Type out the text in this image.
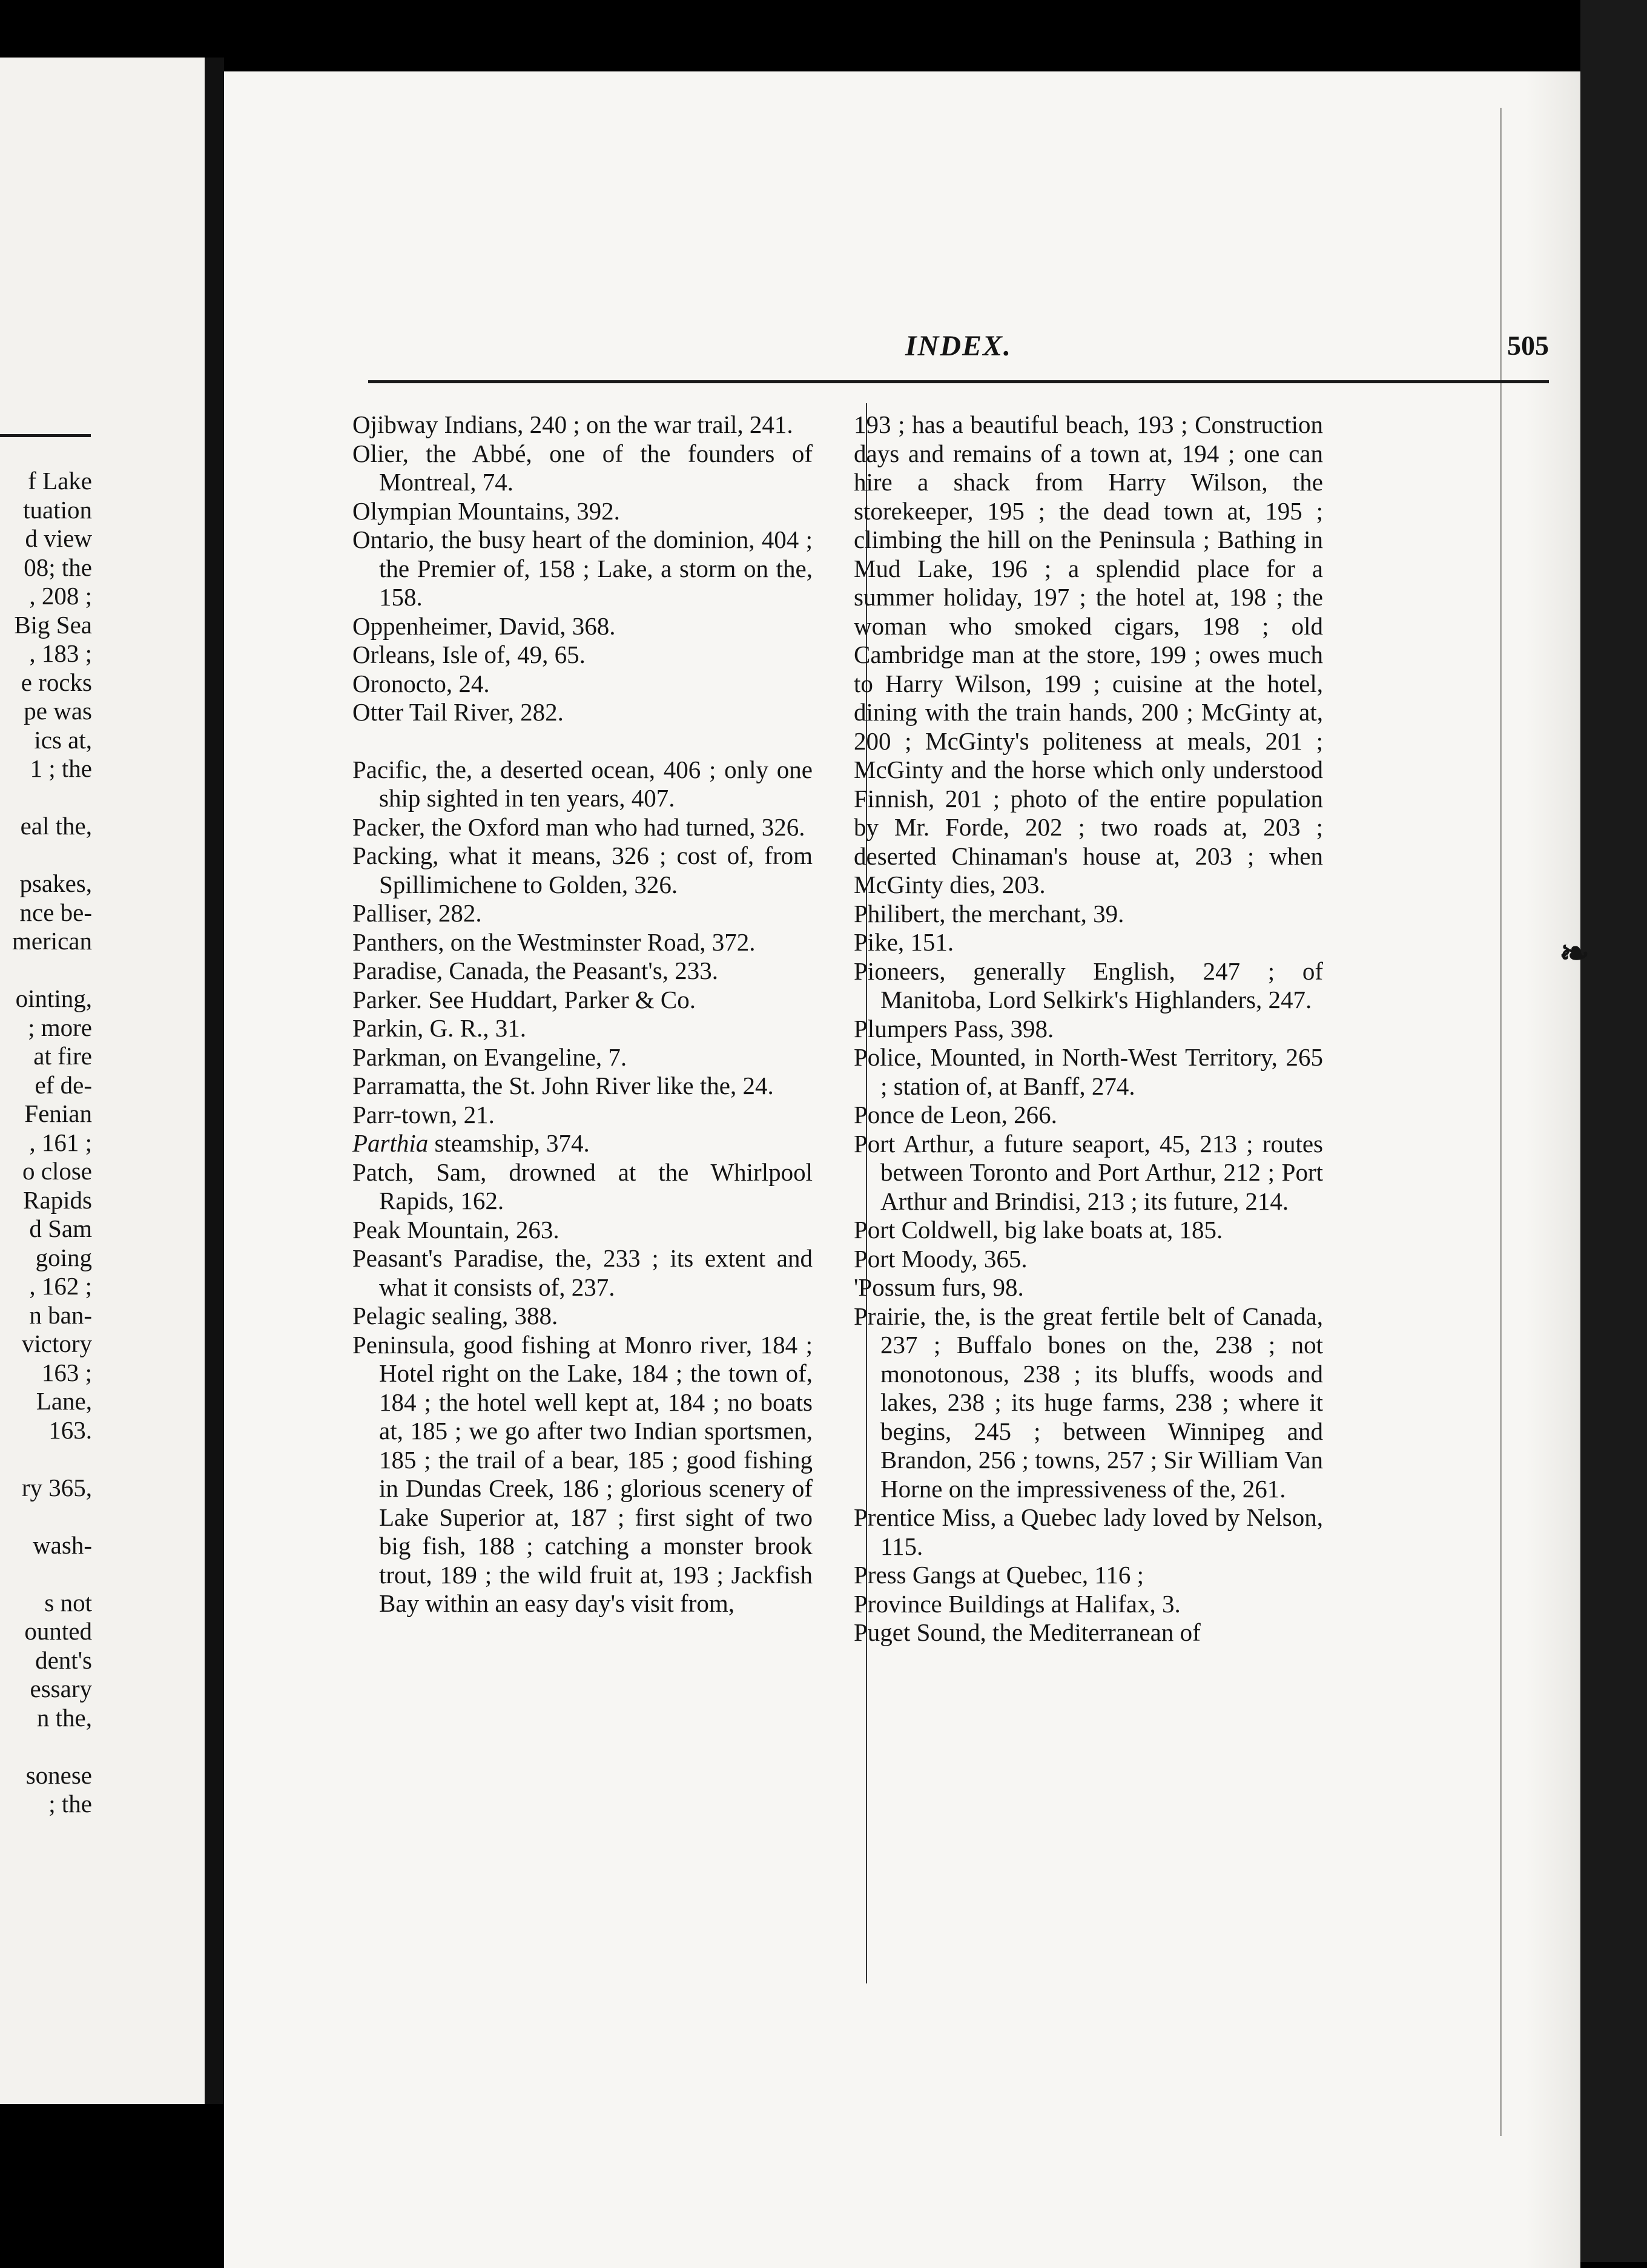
f Lake
tuation
d view
08; the
, 208 ;
Big Sea
, 183 ;
e rocks
pe was
ics at,
1 ; the

eal the,

psakes,
nce be-
merican

ointing,
; more
at fire
ef de-
Fenian
, 161 ;
o close
Rapids
d Sam
going
, 162 ;
n ban-
victory
163 ;
Lane,
163.

ry 365,

wash-

s not
ounted
dent's
essary
n the,

sonese
; the
INDEX.	505

Ojibway Indians, 240 ; on the war trail, 241.

Olier, the Abbé, one of the founders of Montreal, 74.

Olympian Mountains, 392.

Ontario, the busy heart of the dominion, 404 ; the Premier of, 158 ; Lake, a storm on the, 158.

Oppenheimer, David, 368.

Orleans, Isle of, 49, 65.

Oronocto, 24.

Otter Tail River, 282.

Pacific, the, a deserted ocean, 406 ; only one ship sighted in ten years, 407.

Packer, the Oxford man who had turned, 326.

Packing, what it means, 326 ; cost of, from Spillimichene to Golden, 326.

Palliser, 282.

Panthers, on the Westminster Road, 372.

Paradise, Canada, the Peasant's, 233.

Parker. See Huddart, Parker & Co.

Parkin, G. R., 31.

Parkman, on Evangeline, 7.

Parramatta, the St. John River like the, 24.

Parr-town, 21.

Parthia steamship, 374.

Patch, Sam, drowned at the Whirlpool Rapids, 162.

Peak Mountain, 263.

Peasant's Paradise, the, 233 ; its extent and what it consists of, 237.

Pelagic sealing, 388.

Peninsula, good fishing at Monro river, 184 ; Hotel right on the Lake, 184 ; the town of, 184 ; the hotel well kept at, 184 ; no boats at, 185 ; we go after two Indian sportsmen, 185 ; the trail of a bear, 185 ; good fishing in Dundas Creek, 186 ; glorious scenery of Lake Superior at, 187 ; first sight of two big fish, 188 ; catching a monster brook trout, 189 ; the wild fruit at, 193 ; Jackfish Bay within an easy day's visit from,

193 ; has a beautiful beach, 193 ; Construction days and remains of a town at, 194 ; one can hire a shack from Harry Wilson, the storekeeper, 195 ; the dead town at, 195 ; climbing the hill on the Peninsula ; Bathing in Mud Lake, 196 ; a splendid place for a summer holiday, 197 ; the hotel at, 198 ; the woman who smoked cigars, 198 ; old Cambridge man at the store, 199 ; owes much to Harry Wilson, 199 ; cuisine at the hotel, dining with the train hands, 200 ; McGinty at, 200 ; McGinty's politeness at meals, 201 ; McGinty and the horse which only understood Finnish, 201 ; photo of the entire population by Mr. Forde, 202 ; two roads at, 203 ; deserted Chinaman's house at, 203 ; when McGinty dies, 203.

Philibert, the merchant, 39.

Pike, 151.

Pioneers, generally English, 247 ; of Manitoba, Lord Selkirk's Highlanders, 247.

Plumpers Pass, 398.

Police, Mounted, in North-West Territory, 265 ; station of, at Banff, 274.

Ponce de Leon, 266.

Port Arthur, a future seaport, 45, 213 ; routes between Toronto and Port Arthur, 212 ; Port Arthur and Brindisi, 213 ; its future, 214.

Port Coldwell, big lake boats at, 185.

Port Moody, 365.

'Possum furs, 98.

Prairie, the, is the great fertile belt of Canada, 237 ; Buffalo bones on the, 238 ; not monotonous, 238 ; its bluffs, woods and lakes, 238 ; its huge farms, 238 ; where it begins, 245 ; between Winnipeg and Brandon, 256 ; towns, 257 ; Sir William Van Horne on the impressiveness of the, 261.

Prentice Miss, a Quebec lady loved by Nelson, 115.

Press Gangs at Quebec, 116 ;

Province Buildings at Halifax, 3.

Puget Sound, the Mediterranean of

❧
